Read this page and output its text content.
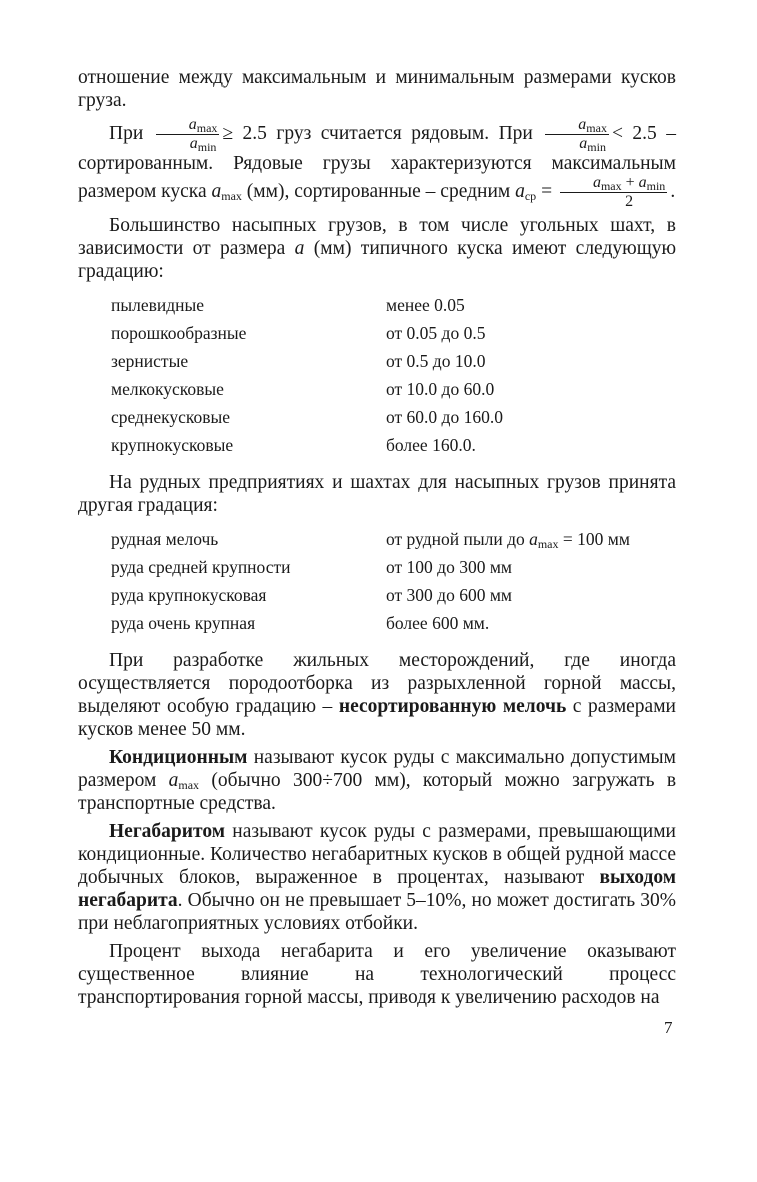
отношение между максимальным и минимальным размерами кусков груза.

При $\frac{a_{max}}{a_{min}} \ge 2.5$ груз считается рядовым. При $\frac{a_{max}}{a_{min}} < 2.5$ – сортированным. Рядовые грузы характеризуются максимальным размером куска $a_{max}$ (мм), сортированные – средним $a_{ср} = \frac{a_{max} + a_{min}}{2}$ .

Большинство насыпных грузов, в том числе угольных шахт, в зависимости от размера a (мм) типичного куска имеют следующую градацию:

пылевидные	менее 0.05
порошкообразные	от 0.05 до 0.5
зернистые	от 0.5 до 10.0
мелкокусковые	от 10.0 до 60.0
среднекусковые	от 60.0 до 160.0
крупнокусковые	более 160.0.

На рудных предприятиях и шахтах для насыпных грузов принята другая градация:

рудная мелочь	от рудной пыли до $a_{max} = 100$ мм
руда средней крупности	от 100 до 300 мм
руда крупнокусковая	от 300 до 600 мм
руда очень крупная	более 600 мм.

При разработке жильных месторождений, где иногда осуществляется породоотборка из разрыхленной горной массы, выделяют особую градацию – несортированную мелочь с размерами кусков менее 50 мм.

Кондиционным называют кусок руды с максимально допустимым размером $a_{max}$ (обычно 300÷700 мм), который можно загружать в транспортные средства.

Негабаритом называют кусок руды с размерами, превышающими кондиционные. Количество негабаритных кусков в общей рудной массе добычных блоков, выраженное в процентах, называют выходом негабарита. Обычно он не превышает 5–10%, но может достигать 30% при неблагоприятных условиях отбойки.

Процент выхода негабарита и его увеличение оказывают существенное влияние на технологический процесс транспортирования горной массы, приводя к увеличению расходов на

7
